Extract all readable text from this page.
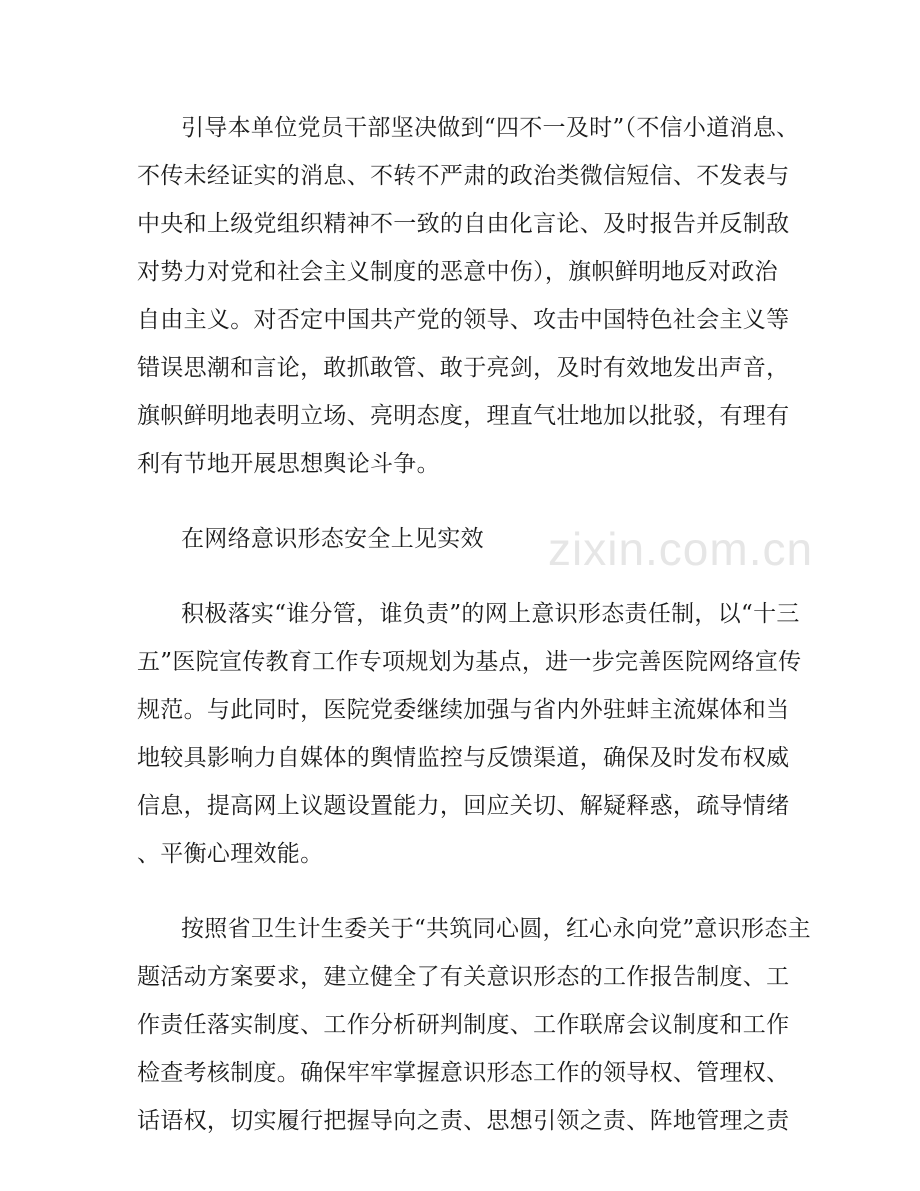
zixin.com.cn
引导本单位党员干部坚决做到“四不一及时”（不信小道消息、
不传未经证实的消息、不转不严肃的政治类微信短信、不发表与
中央和上级党组织精神不一致的自由化言论、及时报告并反制敌
对势力对党和社会主义制度的恶意中伤），旗帜鲜明地反对政治
自由主义。对否定中国共产党的领导、攻击中国特色社会主义等
错误思潮和言论，敢抓敢管、敢于亮剑，及时有效地发出声音，
旗帜鲜明地表明立场、亮明态度，理直气壮地加以批驳，有理有
利有节地开展思想舆论斗争。
在网络意识形态安全上见实效
积极落实“谁分管，谁负责”的网上意识形态责任制，以“十三
五”医院宣传教育工作专项规划为基点，进一步完善医院网络宣传
规范。与此同时，医院党委继续加强与省内外驻蚌主流媒体和当
地较具影响力自媒体的舆情监控与反馈渠道，确保及时发布权威
信息，提高网上议题设置能力，回应关切、解疑释惑，疏导情绪
、平衡心理效能。
按照省卫生计生委关于“共筑同心圆，红心永向党”意识形态主
题活动方案要求，建立健全了有关意识形态的工作报告制度、工
作责任落实制度、工作分析研判制度、工作联席会议制度和工作
检查考核制度。确保牢牢掌握意识形态工作的领导权、管理权、
话语权，切实履行把握导向之责、思想引领之责、阵地管理之责
